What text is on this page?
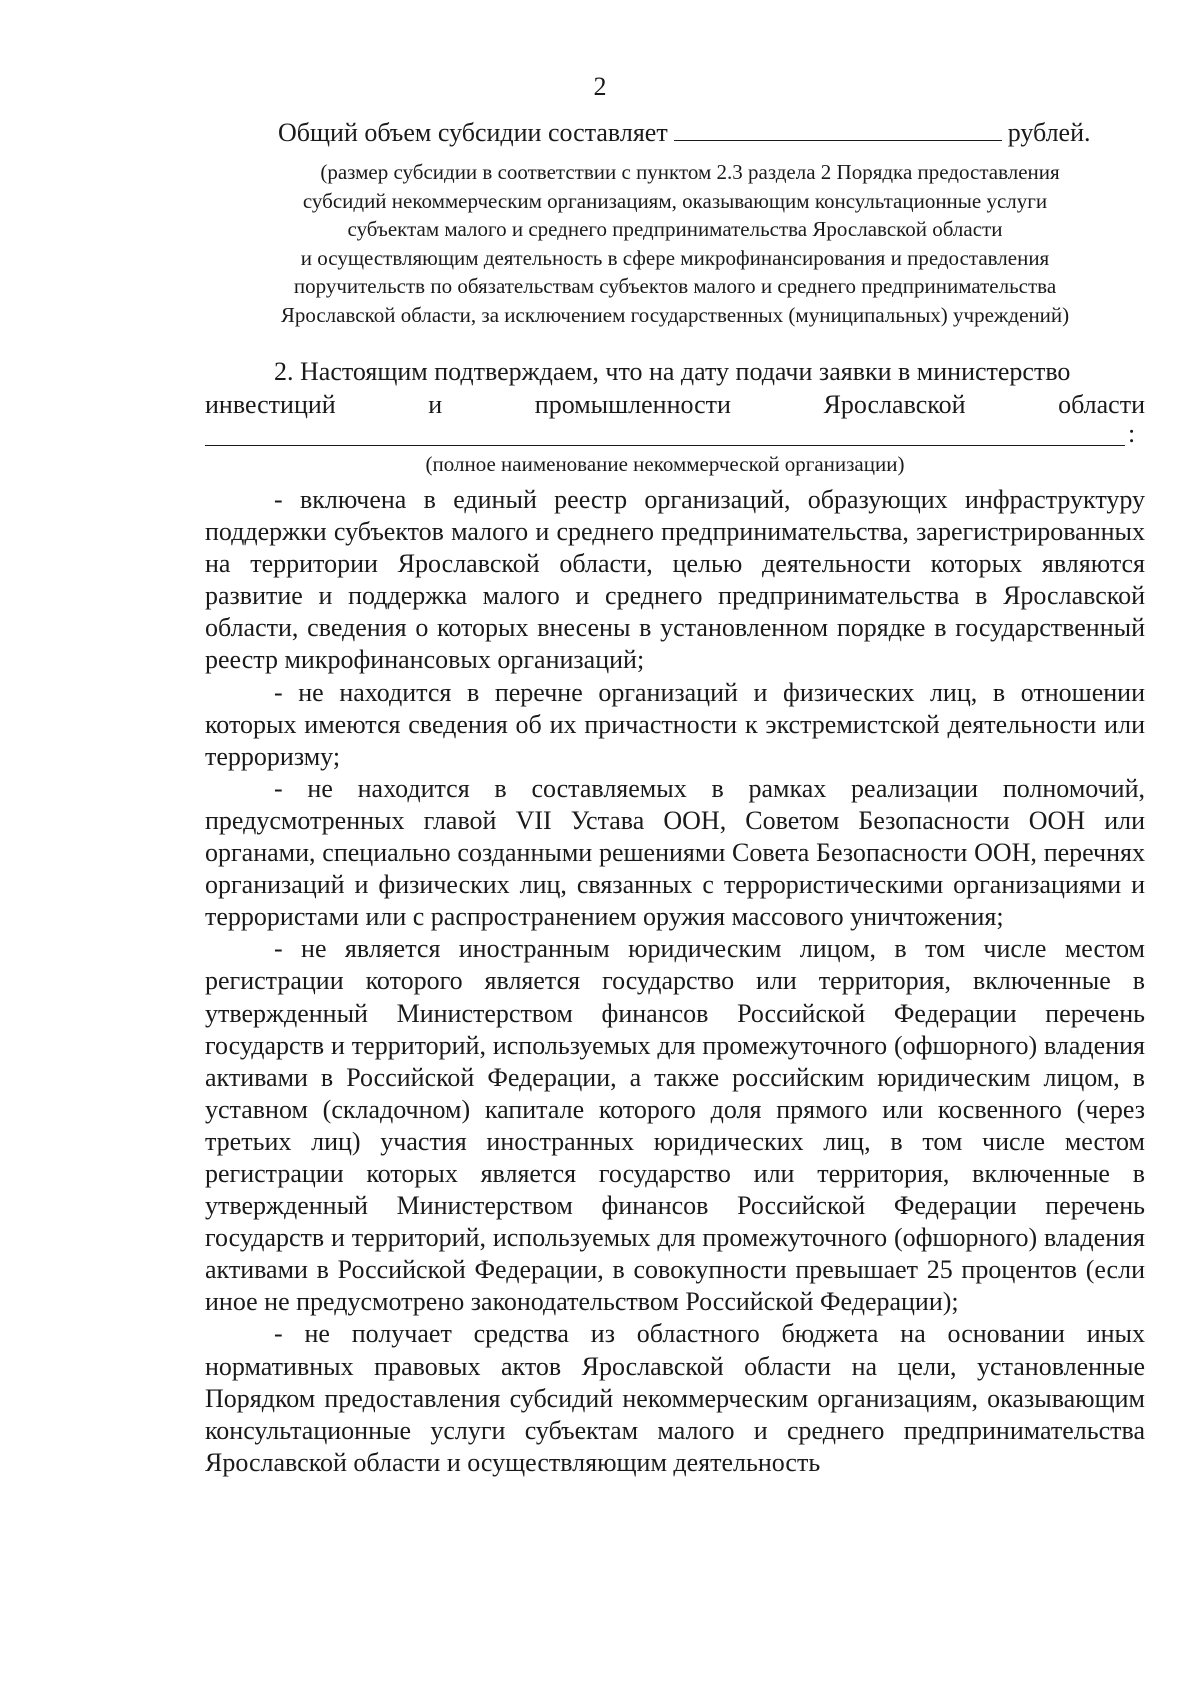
2
Общий объем субсидии составляет	рублей.
(размер субсидии в соответствии с пунктом 2.3 раздела 2 Порядка предоставления
субсидий некоммерческим организациям, оказывающим консультационные услуги
субъектам малого и среднего предпринимательства Ярославской области
и осуществляющим деятельность в сфере микрофинансирования и предоставления
поручительств по обязательствам субъектов малого и среднего предпринимательства
Ярославской области, за исключением государственных (муниципальных) учреждений)
2. Настоящим подтверждаем, что на дату подачи заявки в министерство
инвестиций и промышленности Ярославской области
:
(полное наименование некоммерческой организации)

- включена в единый реестр организаций, образующих инфраструктуру поддержки субъектов малого и среднего предпринимательства, зарегистрированных на территории Ярославской области, целью деятельности которых являются развитие и поддержка малого и среднего предпринимательства в Ярославской области, сведения о которых внесены в установленном порядке в государственный реестр микрофинансовых организаций;

- не находится в перечне организаций и физических лиц, в отношении которых имеются сведения об их причастности к экстремистской деятельности или терроризму;

- не находится в составляемых в рамках реализации полномочий, предусмотренных главой VII Устава ООН, Советом Безопасности ООН или органами, специально созданными решениями Совета Безопасности ООН, перечнях организаций и физических лиц, связанных с террористическими организациями и террористами или с распространением оружия массового уничтожения;

- не является иностранным юридическим лицом, в том числе местом регистрации которого является государство или территория, включенные в утвержденный Министерством финансов Российской Федерации перечень государств и территорий, используемых для промежуточного (офшорного) владения активами в Российской Федерации, а также российским юридическим лицом, в уставном (складочном) капитале которого доля прямого или косвенного (через третьих лиц) участия иностранных юридических лиц, в том числе местом регистрации которых является государство или территория, включенные в утвержденный Министерством финансов Российской Федерации перечень государств и территорий, используемых для промежуточного (офшорного) владения активами в Российской Федерации, в совокупности превышает 25 процентов (если иное не предусмотрено законодательством Российской Федерации);

- не получает средства из областного бюджета на основании иных нормативных правовых актов Ярославской области на цели, установленные Порядком предоставления субсидий некоммерческим организациям, оказывающим консультационные услуги субъектам малого и среднего предпринимательства Ярославской области и осуществляющим деятельность
